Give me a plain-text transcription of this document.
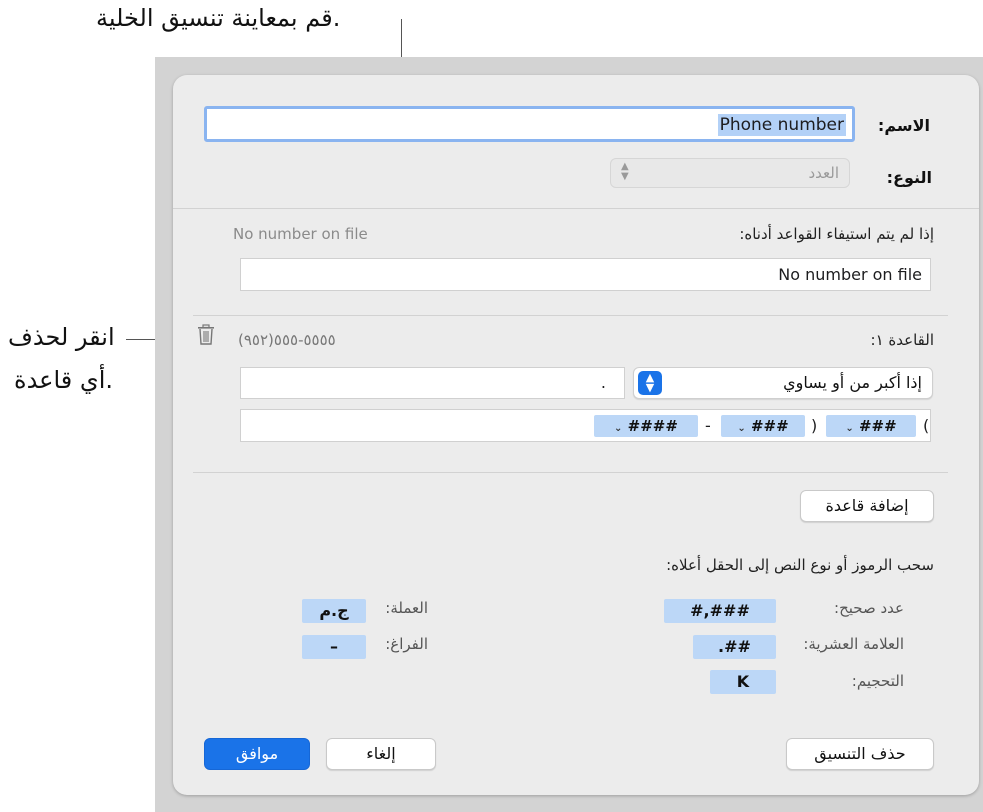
قم بمعاينة تنسيق الخلية.
انقر لحذف
أي قاعدة.
الاسم:
Phone number
النوع:
▲
▼	العدد
إذا لم يتم استيفاء القواعد أدناه:
No number on file
No number on file
القاعدة ١:
٥٥٥٥-٥٥٥(٩٥٢)
.	▲
▼	إذا أكبر من أو يساوي
(
⌄ ###
)
⌄ ###
-
⌄ ####
إضافة قاعدة
سحب الرموز أو نوع النص إلى الحقل أعلاه:
عدد صحيح:
#,###
العلامة العشرية:
.##
التحجيم:
K
العملة:
ج.م
الفراغ:
–
حذف التنسيق
إلغاء
موافق
